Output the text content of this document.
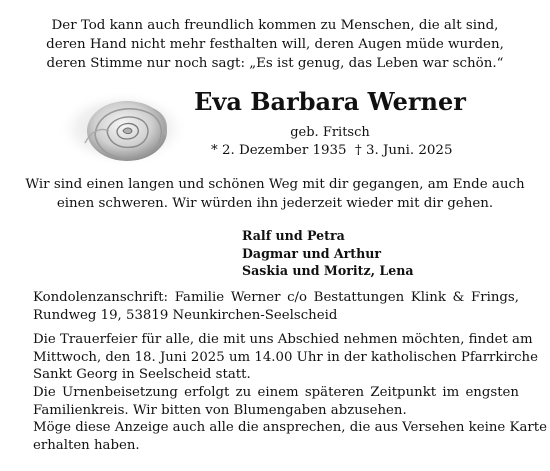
Der Tod kann auch freundlich kommen zu Menschen, die alt sind,
deren Hand nicht mehr festhalten will, deren Augen müde wurden,
deren Stimme nur noch sagt: „Es ist genug, das Leben war schön.“
Eva Barbara Werner
geb. Fritsch
* 2. Dezember 1935 † 3. Juni. 2025
Wir sind einen langen und schönen Weg mit dir gegangen, am Ende auch
einen schweren. Wir würden ihn jederzeit wieder mit dir gehen.
Ralf und Petra
Dagmar und Arthur
Saskia und Moritz, Lena
Kondolenzanschrift: Familie Werner c/o Bestattungen Klink & Frings,
Rundweg 19, 53819 Neunkirchen-Seelscheid
Die Trauerfeier für alle, die mit uns Abschied nehmen möchten, findet am
Mittwoch, den 18. Juni 2025 um 14.00 Uhr in der katholischen Pfarrkirche
Sankt Georg in Seelscheid statt.
Die Urnenbeisetzung erfolgt zu einem späteren Zeitpunkt im engsten
Familienkreis. Wir bitten von Blumengaben abzusehen.
Möge diese Anzeige auch alle die ansprechen, die aus Versehen keine Karte
erhalten haben.
